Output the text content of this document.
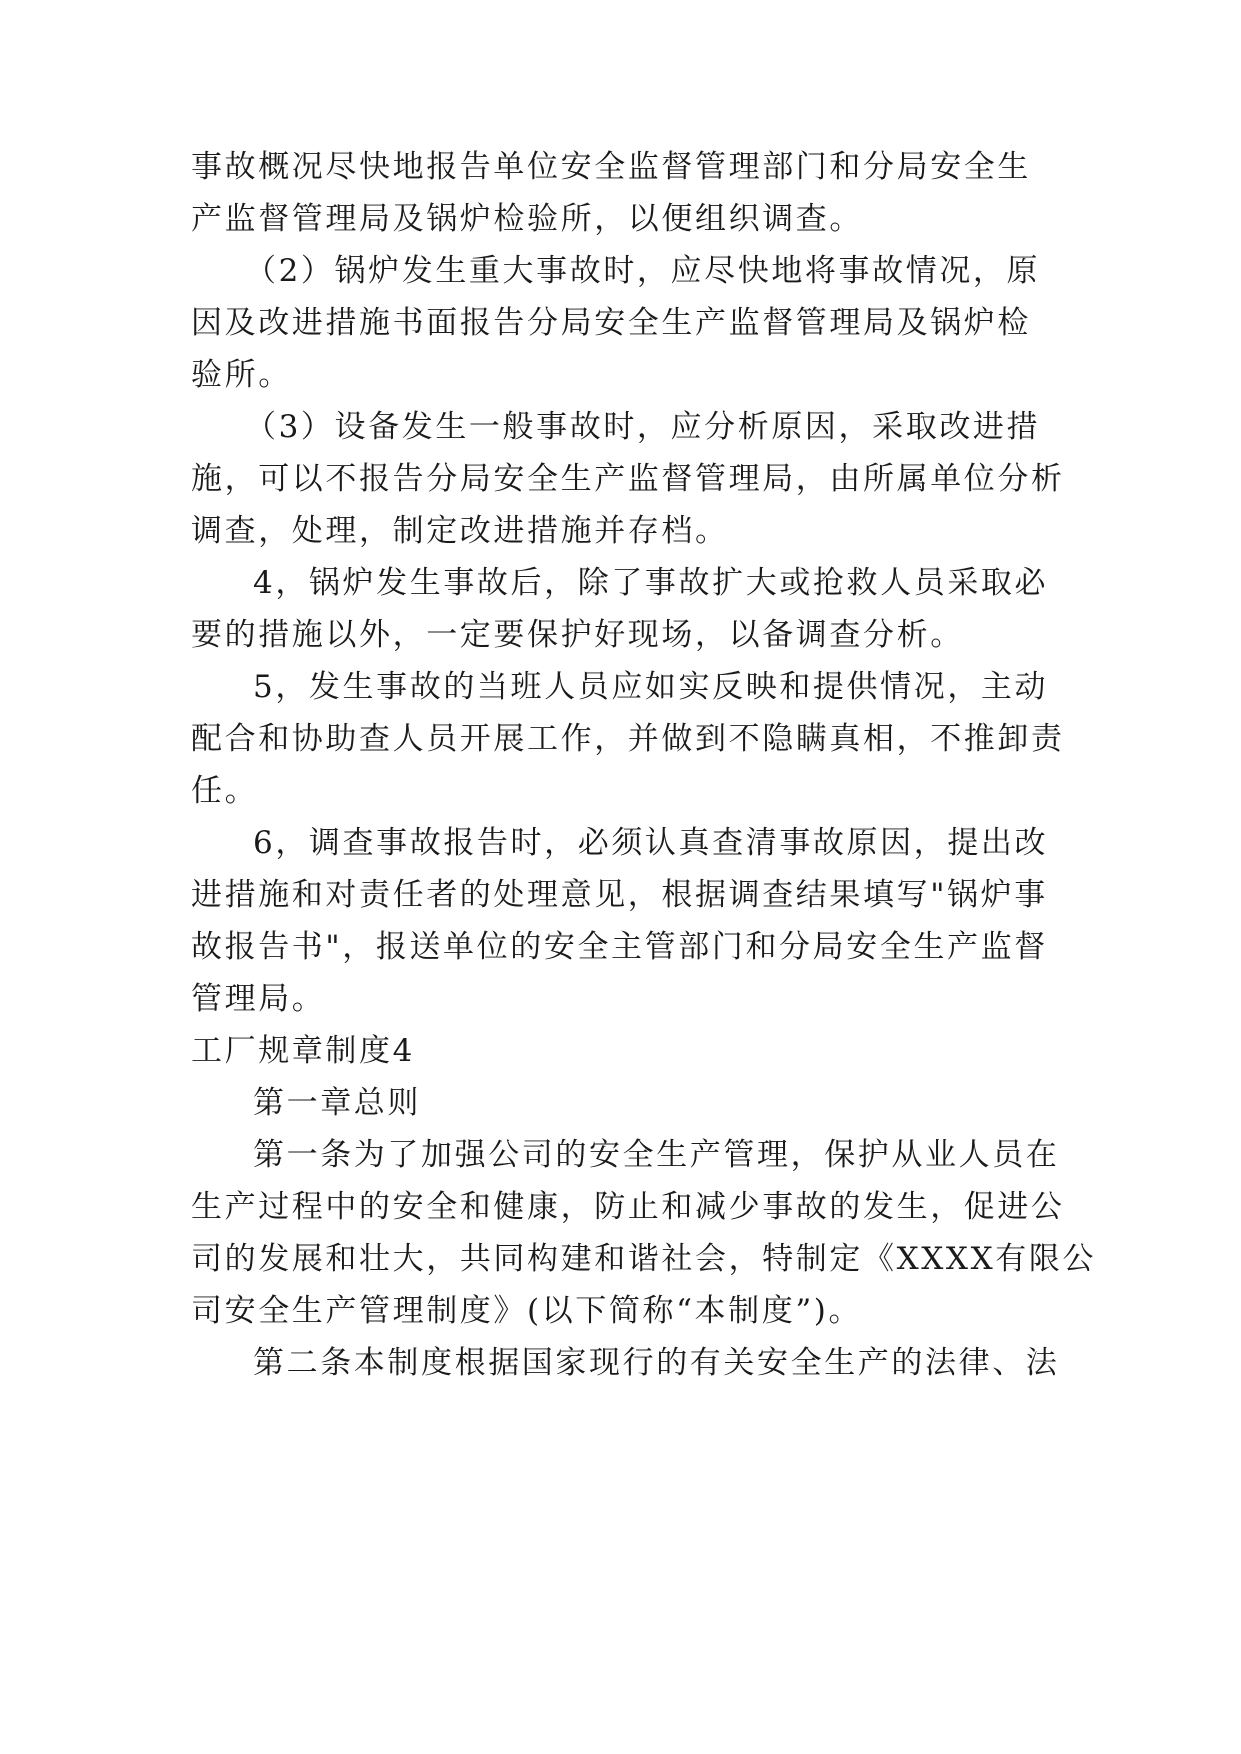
事故概况尽快地报告单位安全监督管理部门和分局安全生
产监督管理局及锅炉检验所，以便组织调查。
（2）锅炉发生重大事故时，应尽快地将事故情况，原
因及改进措施书面报告分局安全生产监督管理局及锅炉检
验所。
（3）设备发生一般事故时，应分析原因，采取改进措
施，可以不报告分局安全生产监督管理局，由所属单位分析
调查，处理，制定改进措施并存档。
4，锅炉发生事故后，除了事故扩大或抢救人员采取必
要的措施以外，一定要保护好现场，以备调查分析。
5，发生事故的当班人员应如实反映和提供情况，主动
配合和协助查人员开展工作，并做到不隐瞒真相，不推卸责
任。
6，调查事故报告时，必须认真查清事故原因，提出改
进措施和对责任者的处理意见，根据调查结果填写"锅炉事
故报告书"，报送单位的安全主管部门和分局安全生产监督
管理局。
工厂规章制度4
第一章总则
第一条为了加强公司的安全生产管理，保护从业人员在
生产过程中的安全和健康，防止和减少事故的发生，促进公
司的发展和壮大，共同构建和谐社会，特制定《XXXX有限公
司安全生产管理制度》(以下简称“本制度”)。
第二条本制度根据国家现行的有关安全生产的法律、法
